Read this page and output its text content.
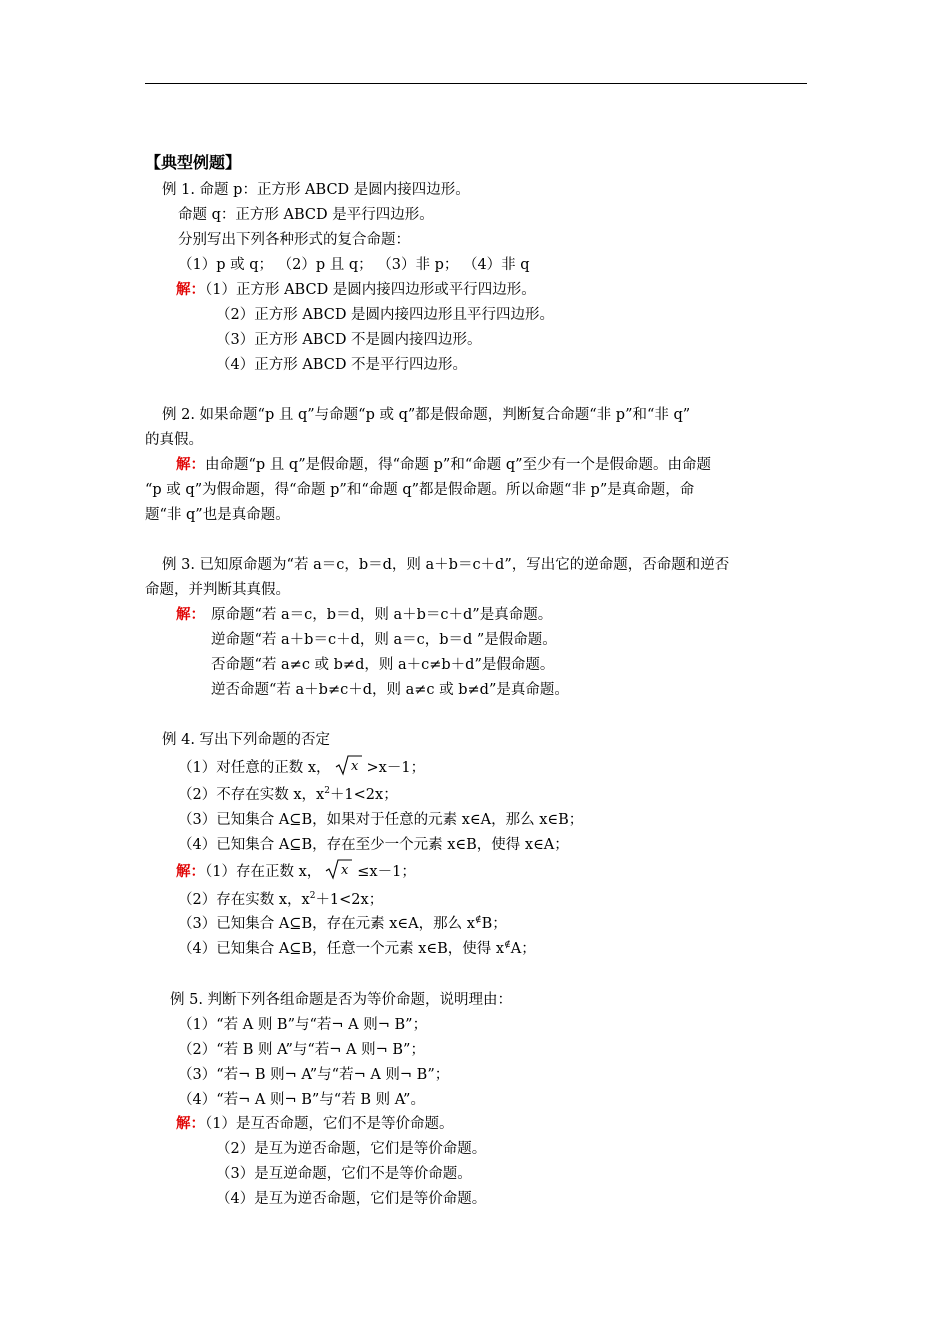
【典型例题】
例 1. 命题 p：正方形 ABCD 是圆内接四边形。
命题 q：正方形 ABCD 是平行四边形。
分别写出下列各种形式的复合命题：
（1）p 或 q； （2）p 且 q； （3）非 p； （4）非 q
解：（1）正方形 ABCD 是圆内接四边形或平行四边形。
（2）正方形 ABCD 是圆内接四边形且平行四边形。
（3）正方形 ABCD 不是圆内接四边形。
（4）正方形 ABCD 不是平行四边形。
例 2. 如果命题“p 且 q”与命题“p 或 q”都是假命题，判断复合命题“非 p”和“非 q”
的真假。
解：由命题“p 且 q”是假命题，得“命题 p”和“命题 q”至少有一个是假命题。由命题
“p 或 q”为假命题，得“命题 p”和“命题 q”都是假命题。所以命题“非 p”是真命题，命
题“非 q”也是真命题。
例 3. 已知原命题为“若 a＝c，b＝d，则 a＋b＝c＋d”，写出它的逆命题，否命题和逆否
命题，并判断其真假。
解： 原命题“若 a＝c，b＝d，则 a＋b＝c＋d”是真命题。
逆命题“若 a＋b＝c＋d，则 a＝c，b＝d ”是假命题。
否命题“若 a≠c 或 b≠d，则 a＋c≠b＋d”是假命题。
逆否命题“若 a＋b≠c＋d，则 a≠c 或 b≠d”是真命题。
例 4. 写出下列命题的否定
（1）对任意的正数 x， x >x－1；
（2）不存在实数 x，$x^2+1<2x$；
（3）已知集合 A⊆B，如果对于任意的元素 x∈A，那么 x∈B；
（4）已知集合 A⊆B，存在至少一个元素 x∈B，使得 x∈A；
解：（1）存在正数 x， x ≤x－1；
（2）存在实数 x，$x^2+1<2x$；
（3）已知集合 A⊆B，存在元素 x∈A，那么 x∉B；
（4）已知集合 A⊆B，任意一个元素 x∈B，使得 x∉A；
例 5. 判断下列各组命题是否为等价命题，说明理由：
（1）“若 A 则 B”与“若¬ A 则¬ B”；
（2）“若 B 则 A”与“若¬ A 则¬ B”；
（3）“若¬ B 则¬ A”与“若¬ A 则¬ B”；
（4）“若¬ A 则¬ B”与“若 B 则 A”。
解：（1）是互否命题，它们不是等价命题。
（2）是互为逆否命题，它们是等价命题。
（3）是互逆命题，它们不是等价命题。
（4）是互为逆否命题，它们是等价命题。
